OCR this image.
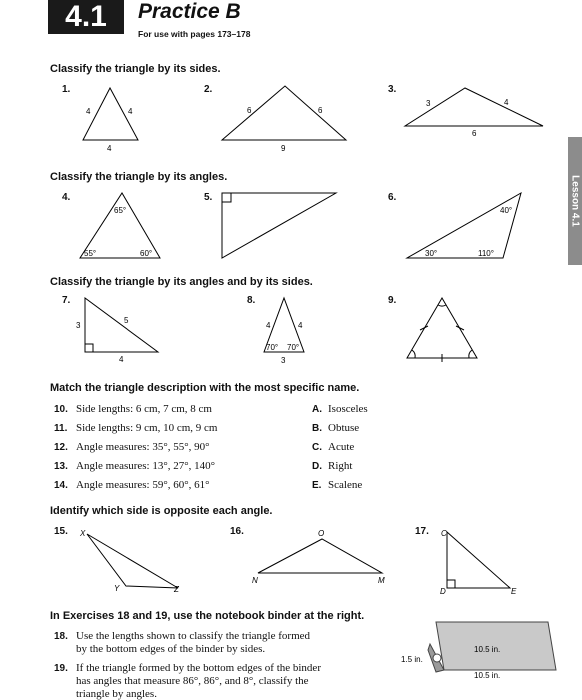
4.1 Practice B
For use with pages 173–178
Lesson 4.1
Classify the triangle by its sides.
1.	2.	3.
4	4
4
6	6
9
3	4
6
65°
55°	60°
40°
30°	110°
3
5
4
4	4
70° 70°
3
X
Y	Z
O
N	M
C
D	E
1.5 in.
10.5 in.
10.5 in.
Classify the triangle by its angles.
4.	5.	6.
Classify the triangle by its angles and by its sides.
7.	8.	9.
Match the triangle description with the most specific name.
10. Side lengths: 6 cm, 7 cm, 8 cm	A. Isosceles
11. Side lengths: 9 cm, 10 cm, 9 cm	B. Obtuse
12. Angle measures: 35°, 55°, 90°	C. Acute
13. Angle measures: 13°, 27°, 140°	D. Right
14. Angle measures: 59°, 60°, 61°	E. Scalene
Identify which side is opposite each angle.
15.	16.	17.
In Exercises 18 and 19, use the notebook binder at the right.
18. Use the lengths shown to classify the triangle formed
by the bottom edges of the binder by sides.
19. If the triangle formed by the bottom edges of the binder
has angles that measure 86°, 86°, and 8°, classify the
triangle by angles.
